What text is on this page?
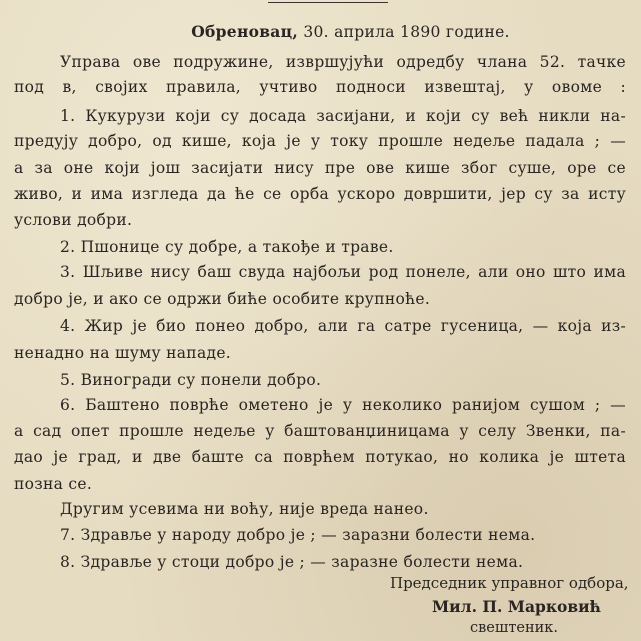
Обреновац, 30. априла 1890 године.
Управа ове подружине, извршујући одредбу члана 52. тачке
под в, својих правила, учтиво подноси извештај, у овоме :
1. Кукурузи који су досада засијани, и који су већ никли на-
предују добро, од кише, која је у току прошле недеље падала ; —
а за оне који још засијати нису пре ове кише због суше, оре се
живо, и има изгледа да ће се орба ускоро довршити, јер су за исту
услови добри.
2. Пшонице су добре, а такође и траве.
3. Шљиве нису баш свуда најбољи род понеле, али оно што има
добро је, и ако се одржи биће особите крупноће.
4. Жир је био понео добро, али га сатре гусеница, — која из-
ненадно на шуму нападе.
5. Виногради су понели добро.
6. Баштено поврће ометено је у неколико ранијом сушом ; —
а сад опет прошле недеље у баштованџиницама у селу Звенки, па-
дао је град, и две баште са поврћем потукао, но колика је штета
позна се.
Другим усевима ни воћу, није вреда нанео.
7. Здравље у народу добро је ; — заразни болести нема.
8. Здравље у стоци добро је ; — заразне болести нема.
Председник управног одбора,
Мил. П. Марковић
свештеник.
